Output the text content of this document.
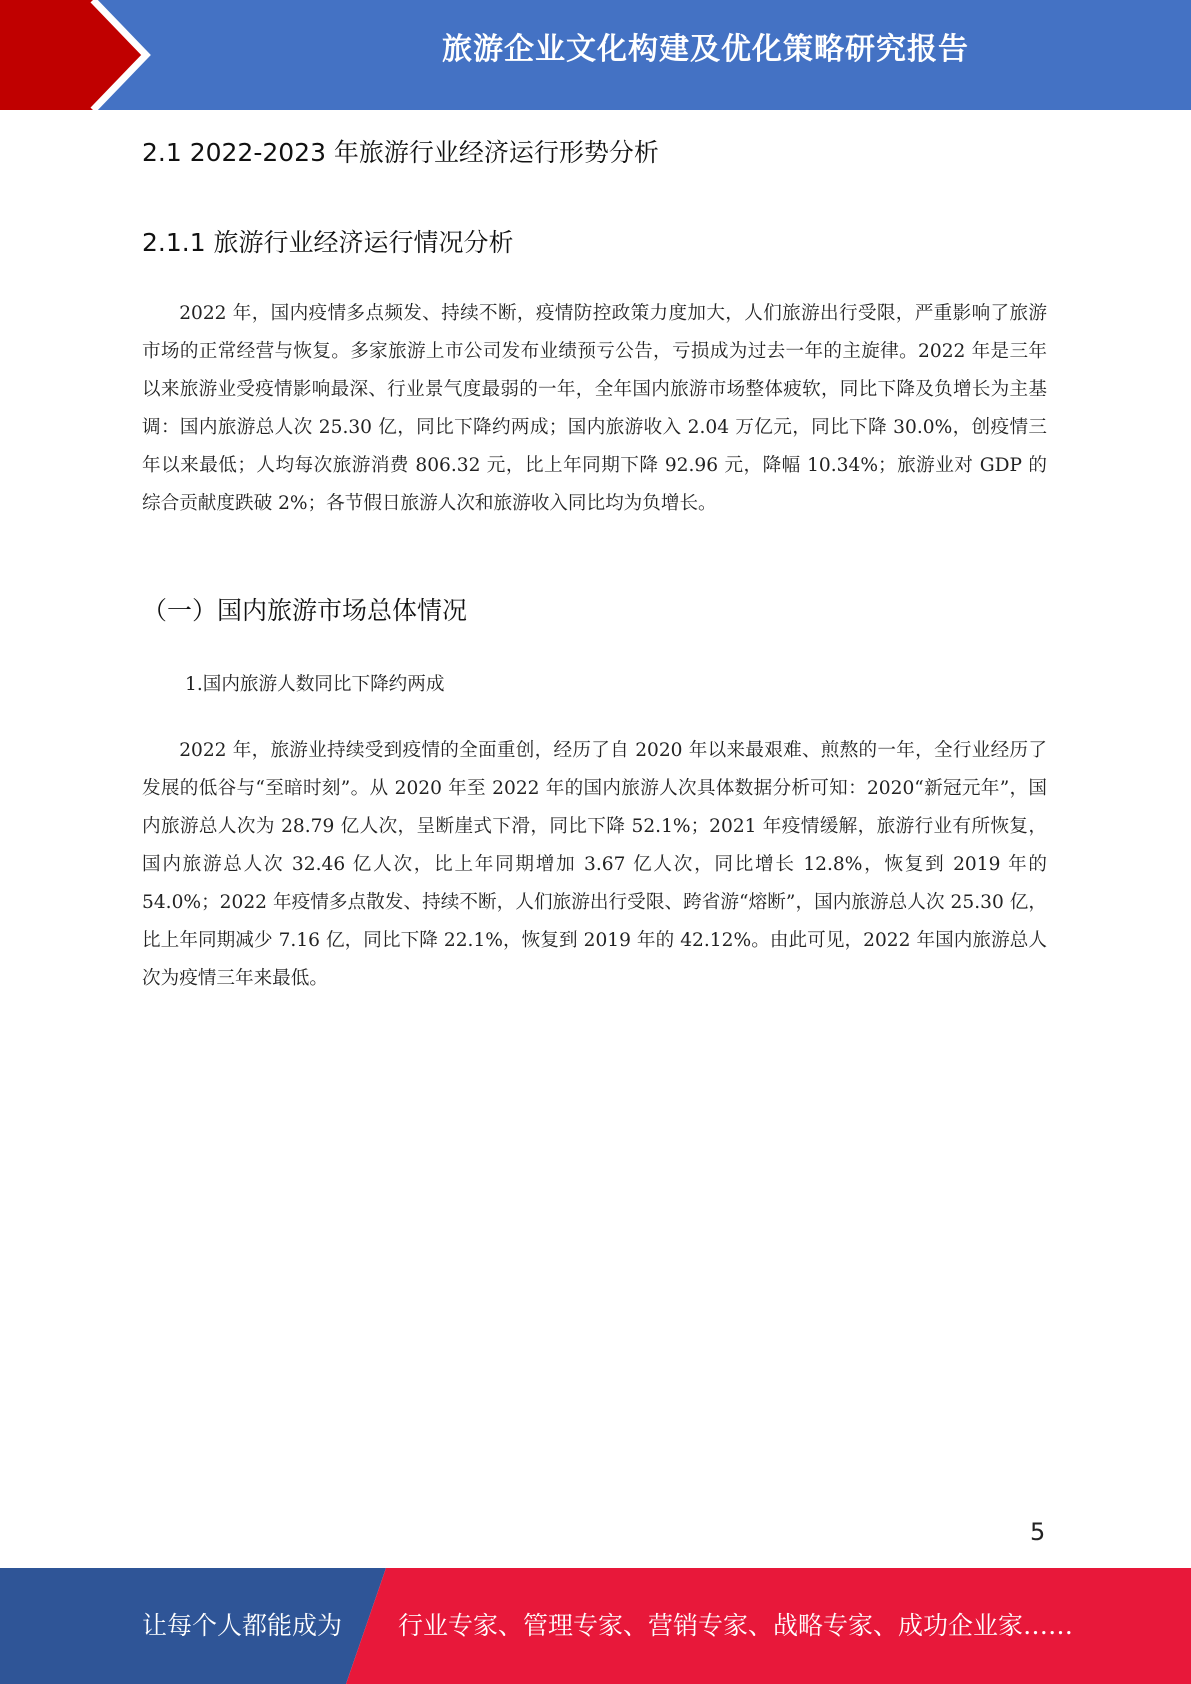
旅游企业文化构建及优化策略研究报告
2.1 2022-2023 年旅游行业经济运行形势分析
2.1.1 旅游行业经济运行情况分析
2022 年，国内疫情多点频发、持续不断，疫情防控政策力度加大，人们旅游出行受限，严重影响了旅游市场的正常经营与恢复。多家旅游上市公司发布业绩预亏公告，亏损成为过去一年的主旋律。2022 年是三年以来旅游业受疫情影响最深、行业景气度最弱的一年，全年国内旅游市场整体疲软，同比下降及负增长为主基调：国内旅游总人次 25.30 亿，同比下降约两成；国内旅游收入 2.04 万亿元，同比下降 30.0%，创疫情三年以来最低；人均每次旅游消费 806.32 元，比上年同期下降 92.96 元，降幅 10.34%；旅游业对 GDP 的综合贡献度跌破 2%；各节假日旅游人次和旅游收入同比均为负增长。
（一）国内旅游市场总体情况
1.国内旅游人数同比下降约两成
2022 年，旅游业持续受到疫情的全面重创，经历了自 2020 年以来最艰难、煎熬的一年，全行业经历了发展的低谷与“至暗时刻”。从 2020 年至 2022 年的国内旅游人次具体数据分析可知：2020“新冠元年”，国内旅游总人次为 28.79 亿人次，呈断崖式下滑，同比下降 52.1%；2021 年疫情缓解，旅游行业有所恢复，国内旅游总人次 32.46 亿人次，比上年同期增加 3.67 亿人次，同比增长 12.8%，恢复到 2019 年的 54.0%；2022 年疫情多点散发、持续不断，人们旅游出行受限、跨省游“熔断”，国内旅游总人次 25.30 亿，比上年同期减少 7.16 亿，同比下降 22.1%，恢复到 2019 年的 42.12%。由此可见，2022 年国内旅游总人次为疫情三年来最低。
5
让每个人都能成为 行业专家、管理专家、营销专家、战略专家、成功企业家……
